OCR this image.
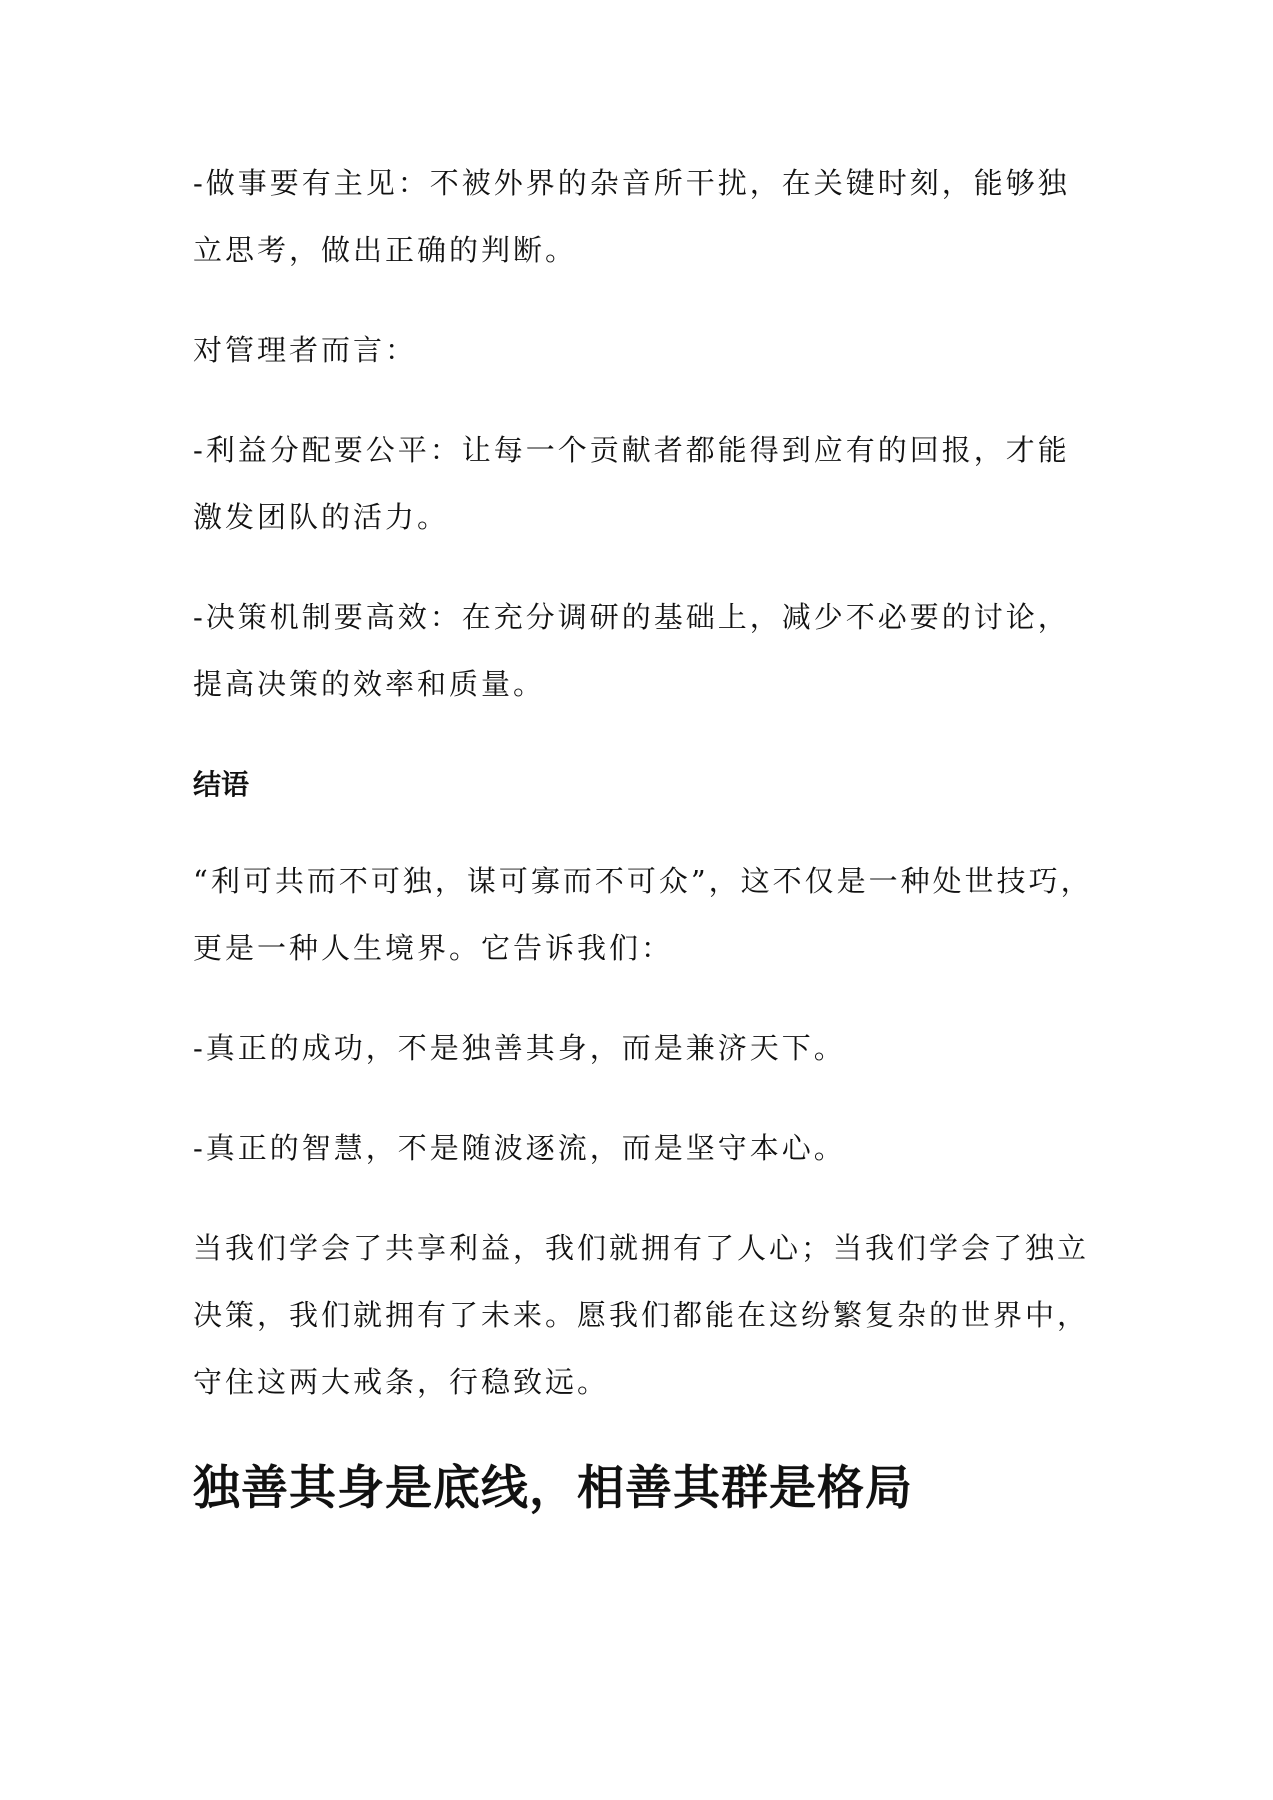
-做事要有主见：不被外界的杂音所干扰，在关键时刻，能够独立思考，做出正确的判断。

对管理者而言：

-利益分配要公平：让每一个贡献者都能得到应有的回报，才能激发团队的活力。

-决策机制要高效：在充分调研的基础上，减少不必要的讨论，提高决策的效率和质量。

结语

“利可共而不可独，谋可寡而不可众”，这不仅是一种处世技巧，更是一种人生境界。它告诉我们：

-真正的成功，不是独善其身，而是兼济天下。

-真正的智慧，不是随波逐流，而是坚守本心。

当我们学会了共享利益，我们就拥有了人心；当我们学会了独立决策，我们就拥有了未来。愿我们都能在这纷繁复杂的世界中，守住这两大戒条，行稳致远。

独善其身是底线，相善其群是格局
